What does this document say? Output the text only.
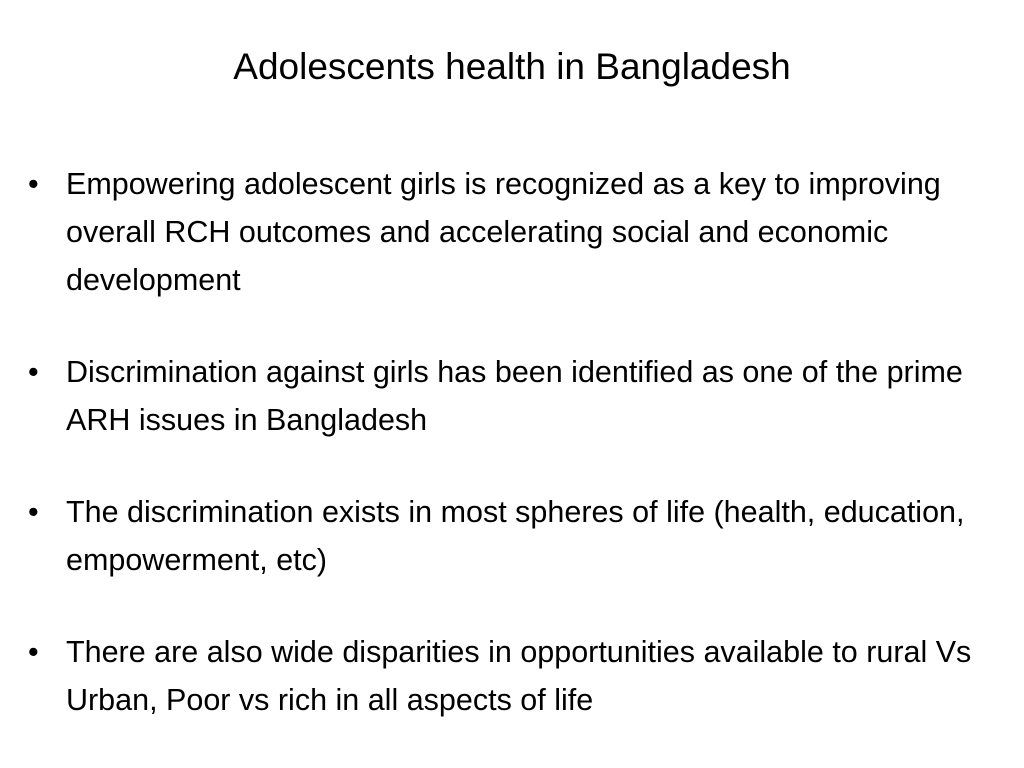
Adolescents health in Bangladesh
• Empowering adolescent girls is recognized as a key to improving overall RCH outcomes and accelerating social and economic development
• Discrimination against girls has been identified as one of the prime ARH issues in Bangladesh
• The discrimination exists in most spheres of life (health, education, empowerment, etc)
• There are also wide disparities in opportunities available to rural Vs Urban, Poor vs rich in all aspects of life
